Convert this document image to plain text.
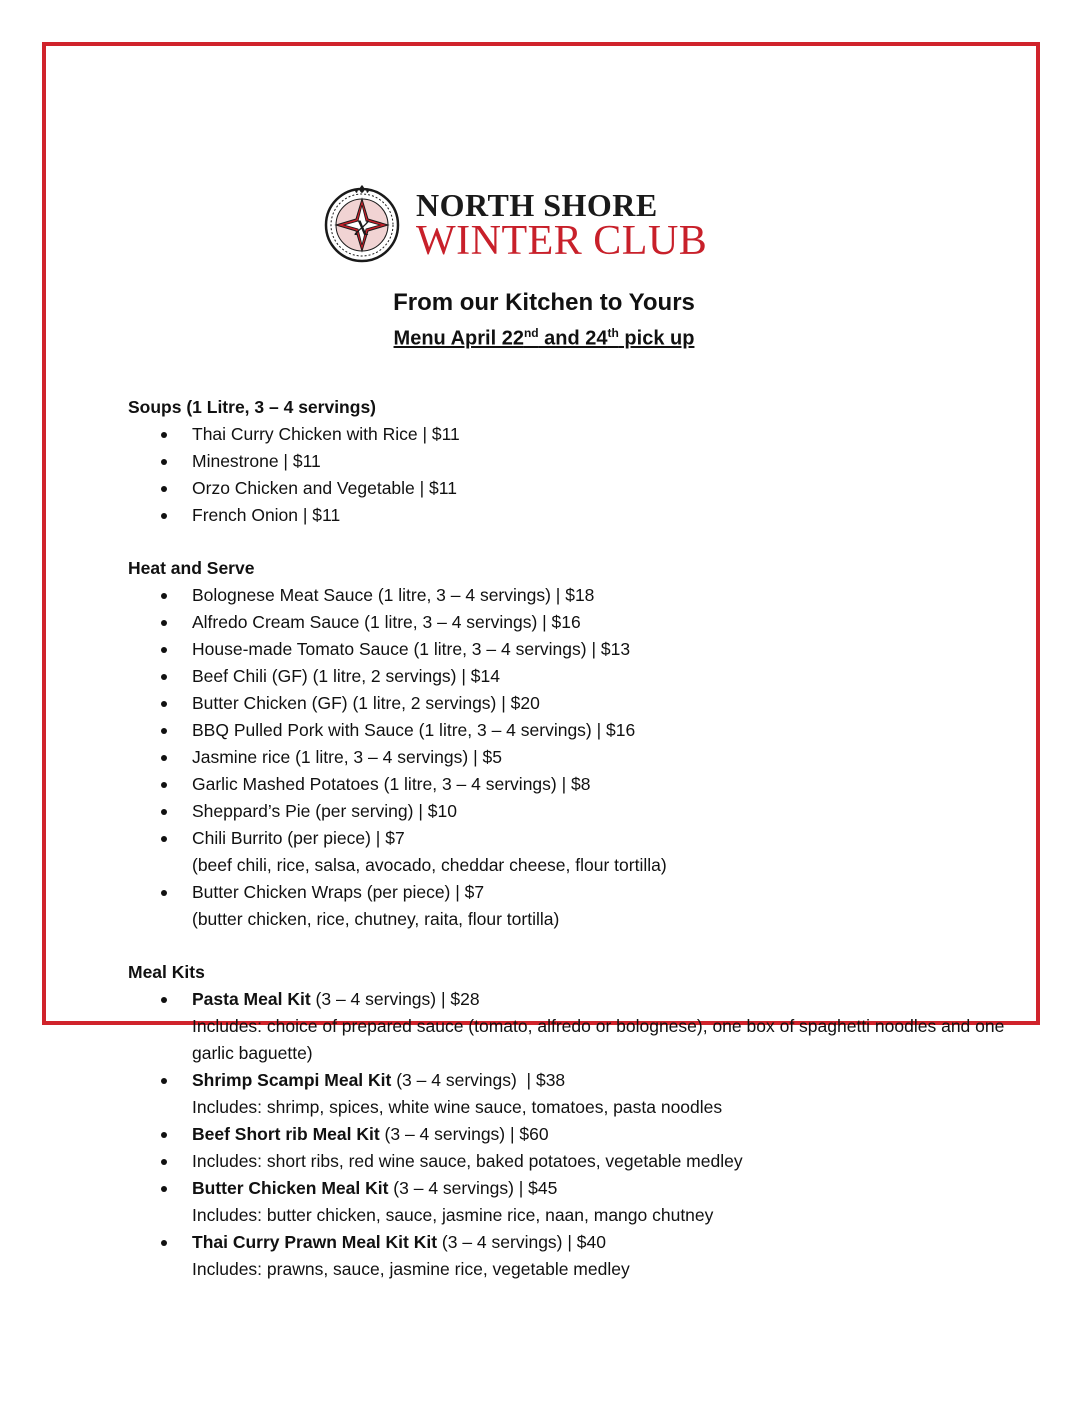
x
NORTH SHORE
WINTER CLUB
From our Kitchen to Yours
Menu April 22nd and 24th pick up

Soups (1 Litre, 3 – 4 servings)

Thai Curry Chicken with Rice | $11
Minestrone | $11
Orzo Chicken and Vegetable | $11
French Onion | $11

Heat and Serve

Bolognese Meat Sauce (1 litre, 3 – 4 servings) | $18
Alfredo Cream Sauce (1 litre, 3 – 4 servings) | $16
House-made Tomato Sauce (1 litre, 3 – 4 servings) | $13
Beef Chili (GF) (1 litre, 2 servings) | $14
Butter Chicken (GF) (1 litre, 2 servings) | $20
BBQ Pulled Pork with Sauce (1 litre, 3 – 4 servings) | $16
Jasmine rice (1 litre, 3 – 4 servings) | $5
Garlic Mashed Potatoes (1 litre, 3 – 4 servings) | $8
Sheppard’s Pie (per serving) | $10
Chili Burrito (per piece) | $7
(beef chili, rice, salsa, avocado, cheddar cheese, flour tortilla)
Butter Chicken Wraps (per piece) | $7
(butter chicken, rice, chutney, raita, flour tortilla)

Meal Kits

Pasta Meal Kit (3 – 4 servings) | $28
Includes: choice of prepared sauce (tomato, alfredo or bolognese), one box of spaghetti noodles and one garlic baguette)
Shrimp Scampi Meal Kit (3 – 4 servings)  | $38
Includes: shrimp, spices, white wine sauce, tomatoes, pasta noodles
Beef Short rib Meal Kit (3 – 4 servings) | $60
Includes: short ribs, red wine sauce, baked potatoes, vegetable medley
Butter Chicken Meal Kit (3 – 4 servings) | $45
Includes: butter chicken, sauce, jasmine rice, naan, mango chutney
Thai Curry Prawn Meal Kit Kit (3 – 4 servings) | $40
Includes: prawns, sauce, jasmine rice, vegetable medley
